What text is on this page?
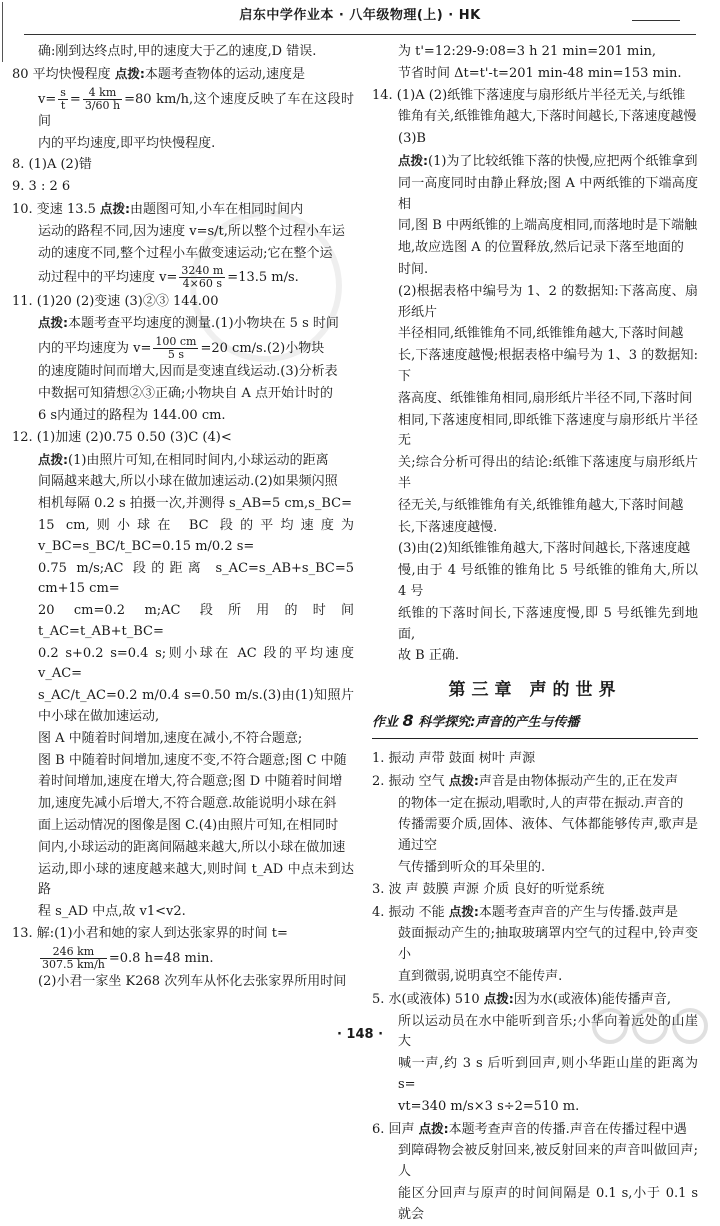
启东中学作业本 · 八年级物理(上) · HK
确:刚到达终点时,甲的速度大于乙的速度,D 错误.
80 平均快慢程度 点拨:本题考查物体的运动,速度是
$v= \frac{s}{t} = \frac{4 km}{3/60 h} =80$ km/h,这个速度反映了车在这段时间
内的平均速度,即平均快慢程度.
8. (1)A (2)错
9. 3 : 2 6
10. 变速 13.5 点拨:由题图可知,小车在相同时间内
运动的路程不同,因为速度 v=s/t,所以整个过程小车运
动的速度不同,整个过程小车做变速运动;它在整个运
动过程中的平均速度 $v= \frac{3240 m}{4\times 60 s} =13.5$ m/s.
11. (1)20 (2)变速 (3)②③ 144.00
点拨:本题考查平均速度的测量.(1)小物块在 5 s 时间
内的平均速度为 $v= \frac{100 cm}{5 s} =20$ cm/s.(2)小物块
的速度随时间而增大,因而是变速直线运动.(3)分析表
中数据可知猜想②③正确;小物块自 A 点开始计时的
6 s内通过的路程为 144.00 cm.
12. (1)加速 (2)0.75 0.50 (3)C (4)<
点拨:(1)由照片可知,在相同时间内,小球运动的距离
间隔越来越大,所以小球在做加速运动.(2)如果频闪照
相机每隔 0.2 s 拍摄一次,并测得 s_AB=5 cm,s_BC=
15 cm,则小球在 BC 段的平均速度为 v_BC=s_BC/t_BC=0.15 m/0.2 s=
0.75 m/s;AC 段的距离 s_AC=s_AB+s_BC=5 cm+15 cm=
20 cm=0.2 m;AC 段所用的时间 t_AC=t_AB+t_BC=
0.2 s+0.2 s=0.4 s;则小球在 AC 段的平均速度 v_AC=
s_AC/t_AC=0.2 m/0.4 s=0.50 m/s.(3)由(1)知照片中小球在做加速运动,
图 A 中随着时间增加,速度在减小,不符合题意;
图 B 中随着时间增加,速度不变,不符合题意;图 C 中随
着时间增加,速度在增大,符合题意;图 D 中随着时间增
加,速度先减小后增大,不符合题意.故能说明小球在斜
面上运动情况的图像是图 C.(4)由照片可知,在相同时
间内,小球运动的距离间隔越来越大,所以小球在做加速
运动,即小球的速度越来越大,则时间 t_AD 中点未到达路
程 s_AD 中点,故 v1<v2.
13. 解:(1)小君和她的家人到达张家界的时间 t=
$\frac{246 km}{307.5 km/h} =0.8$ h=48 min.
(2)小君一家坐 K268 次列车从怀化去张家界所用时间
为 t'=12:29-9:08=3 h 21 min=201 min,
节省时间 Δt=t'-t=201 min-48 min=153 min.
14. (1)A (2)纸锥下落速度与扇形纸片半径无关,与纸锥
锥角有关,纸锥锥角越大,下落时间越长,下落速度越慢
(3)B
点拨:(1)为了比较纸锥下落的快慢,应把两个纸锥拿到
同一高度同时由静止释放;图 A 中两纸锥的下端高度相
同,图 B 中两纸锥的上端高度相同,而落地时是下端触
地,故应选图 A 的位置释放,然后记录下落至地面的
时间.
(2)根据表格中编号为 1、2 的数据知:下落高度、扇形纸片
半径相同,纸锥锥角不同,纸锥锥角越大,下落时间越
长,下落速度越慢;根据表格中编号为 1、3 的数据知:下
落高度、纸锥锥角相同,扇形纸片半径不同,下落时间
相同,下落速度相同,即纸锥下落速度与扇形纸片半径无
关;综合分析可得出的结论:纸锥下落速度与扇形纸片半
径无关,与纸锥锥角有关,纸锥锥角越大,下落时间越
长,下落速度越慢.
(3)由(2)知纸锥锥角越大,下落时间越长,下落速度越
慢,由于 4 号纸锥的锥角比 5 号纸锥的锥角大,所以 4 号
纸锥的下落时间长,下落速度慢,即 5 号纸锥先到地面,
故 B 正确.
第三章 声的世界
作业 8 科学探究:声音的产生与传播
1. 振动 声带 鼓面 树叶 声源
2. 振动 空气 点拨:声音是由物体振动产生的,正在发声
的物体一定在振动,唱歌时,人的声带在振动.声音的
传播需要介质,固体、液体、气体都能够传声,歌声是通过空
气传播到听众的耳朵里的.
3. 波 声 鼓膜 声源 介质 良好的听觉系统
4. 振动 不能 点拨:本题考查声音的产生与传播.鼓声是
鼓面振动产生的;抽取玻璃罩内空气的过程中,铃声变小
直到微弱,说明真空不能传声.
5. 水(或液体) 510 点拨:因为水(或液体)能传播声音,
所以运动员在水中能听到音乐;小华向着远处的山崖大
喊一声,约 3 s 后听到回声,则小华距山崖的距离为 s=
vt=340 m/s×3 s÷2=510 m.
6. 回声 点拨:本题考查声音的传播.声音在传播过程中遇
到障碍物会被反射回来,被反射回来的声音叫做回声;人
能区分回声与原声的时间间隔是 0.1 s,小于 0.1 s 就会
· 148 ·
